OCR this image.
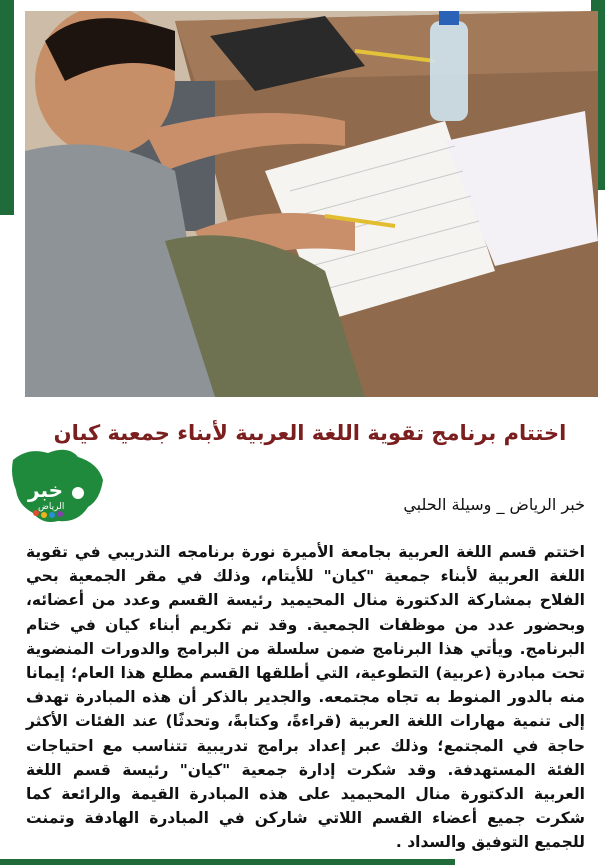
اختتام برنامج تقوية اللغة العربية لأبناء جمعية كيان
خبر
الرياض	خبر الرياض _ وسيلة الحلبي
اختتم قسم اللغة العربية بجامعة الأميرة نورة برنامجه التدريبي في تقوية اللغة العربية لأبناء جمعية "كيان" للأيتام، وذلك في مقر الجمعية بحي الفلاح بمشاركة الدكتورة منال المحيميد رئيسة القسم وعدد من أعضائه، وبحضور عدد من موظفات الجمعية. وقد تم تكريم أبناء كيان في ختام البرنامج. ويأتي هذا البرنامج ضمن سلسلة من البرامج والدورات المنضوية تحت مبادرة (عربية) التطوعية، التي أطلقها القسم مطلع هذا العام؛ إيمانا منه بالدور المنوط به تجاه مجتمعه. والجدير بالذكر أن هذه المبادرة تهدف إلى تنمية مهارات اللغة العربية (قراءةً، وكتابةً، وتحدثًا) عند الفئات الأكثر حاجة في المجتمع؛ وذلك عبر إعداد برامج تدريبية تتناسب مع احتياجات الفئة المستهدفة. وقد شكرت إدارة جمعية "كيان" رئيسة قسم اللغة العربية الدكتورة منال المحيميد على هذه المبادرة القيمة والرائعة كما شكرت جميع أعضاء القسم اللاتي شاركن في المبادرة الهادفة وتمنت للجميع التوفيق والسداد .
